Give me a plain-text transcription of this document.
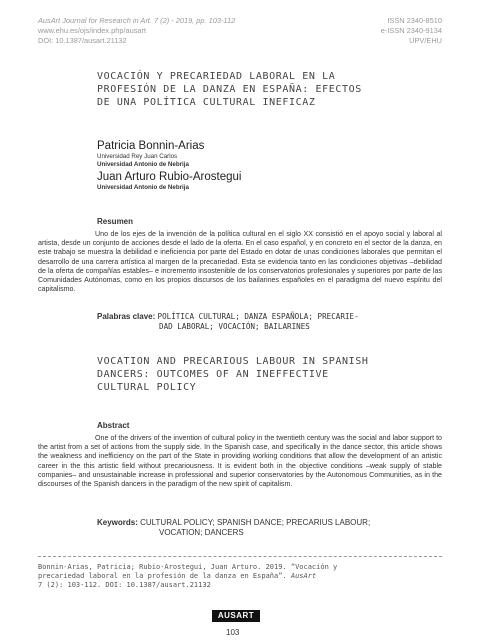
AusArt Journal for Research in Art. 7 (2) - 2019, pp. 103-112
www.ehu.es/ojs/index.php/ausart
DOI: 10.1387/ausart.21132
ISSN 2340-8510
e-ISSN 2340-9134
UPV/EHU
VOCACIÓN Y PRECARIEDAD LABORAL EN LA
PROFESIÓN DE LA DANZA EN ESPAÑA: EFECTOS
DE UNA POLÍTICA CULTURAL INEFICAZ
Patricia Bonnin-Arias
Universidad Rey Juan Carlos
Universidad Antonio de Nebrija
Juan Arturo Rubio-Arostegui
Universidad Antonio de Nebrija
Resumen
Uno de los ejes de la invención de la política cultural en el siglo XX consistió en el apoyo social y laboral al artista, desde un conjunto de acciones desde el lado de la oferta. En el caso español, y en concreto en el sector de la danza, en este trabajo se muestra la debilidad e ineficiencia por parte del Estado en dotar de unas condiciones laborales que permitan el desarrollo de una carrera artística al margen de la precariedad. Esta se evidencia tanto en las condiciones objetivas –debilidad de la oferta de compañías estables– e incremento insostenible de los conservatorios profesionales y superiores por parte de las Comunidades Autónomas, como en los propios discursos de los bailarines españoles en el paradigma del nuevo espíritu del capitalismo.
Palabras clave: POLÍTICA CULTURAL; DANZA ESPAÑOLA; PRECARIE-
DAD LABORAL; VOCACIÓN; BAILARINES
VOCATION AND PRECARIOUS LABOUR IN SPANISH
DANCERS: OUTCOMES OF AN INEFFECTIVE
CULTURAL POLICY
Abstract
One of the drivers of the invention of cultural policy in the twentieth century was the social and labor support to the artist from a set of actions from the supply side. In the Spanish case, and specifically in the dance sector, this article shows the weakness and inefficiency on the part of the State in providing working conditions that allow the development of an artistic career in the this artistic field without precariousness. It is evident both in the objective conditions –weak supply of stable companies– and unsustainable increase in professional and superior conservatories by the Autonomous Communities, as in the discourses of the Spanish dancers in the paradigm of the new spirit of capitalism.
Keywords: CULTURAL POLICY; SPANISH DANCE; PRECARIUS LABOUR;
VOCATION; DANCERS
Bonnin-Arias, Patricia; Rubio-Arostegui, Juan Arturo. 2019. “Vocación y
precariedad laboral en la profesión de la danza en España”. AusArt
7 (2): 103-112. DOI: 10.1387/ausart.21132
AUSART
103
